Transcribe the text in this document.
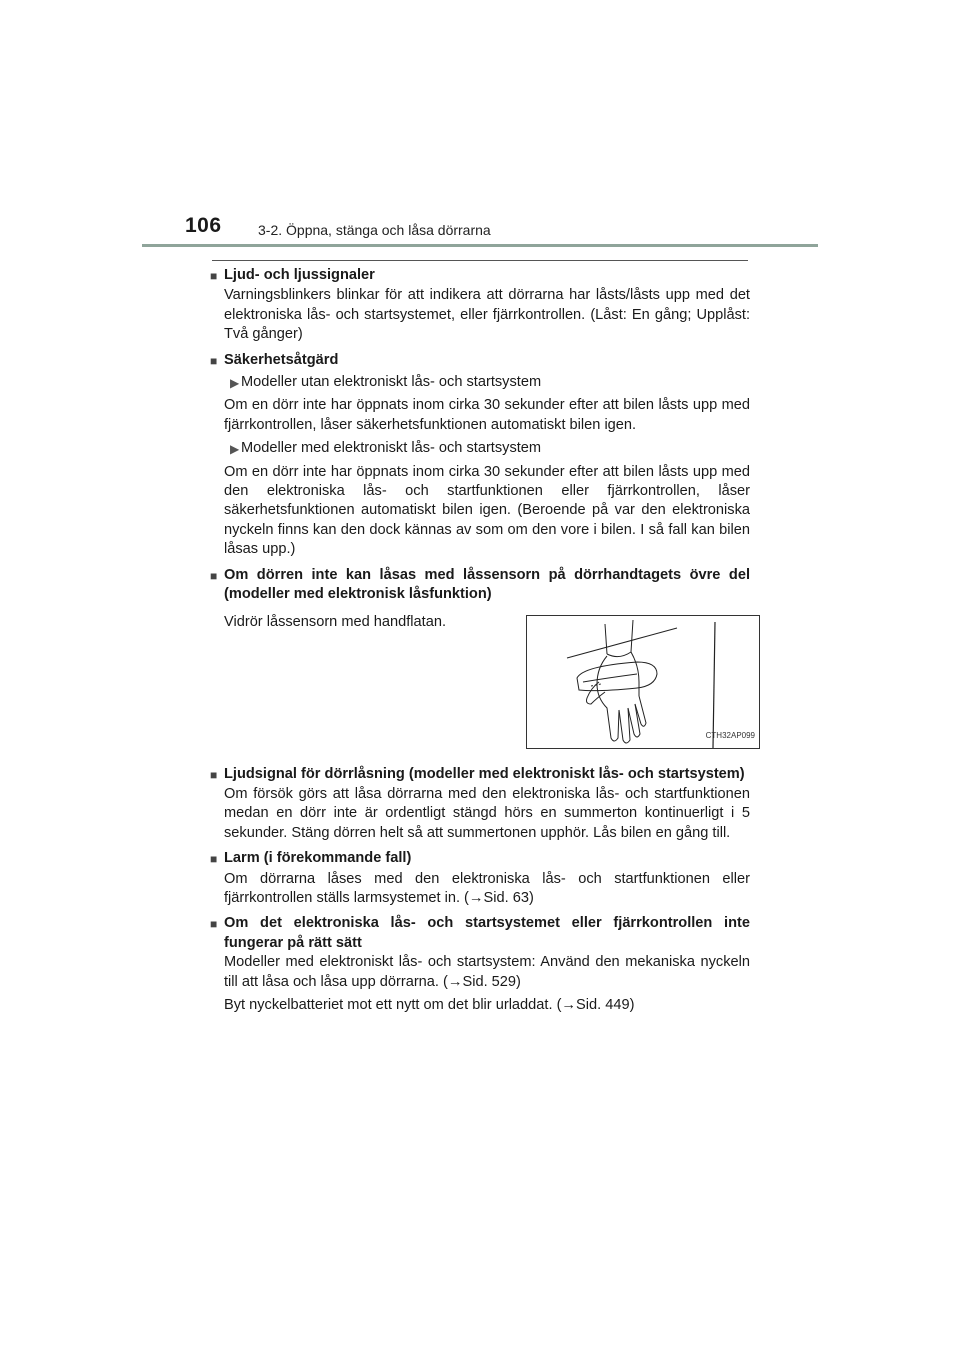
106	3-2. Öppna, stänga och låsa dörrarna
■ Ljud- och ljussignaler

Varningsblinkers blinkar för att indikera att dörrarna har låsts/låsts upp med det elektroniska lås- och startsystemet, eller fjärrkontrollen. (Låst: En gång; Upplåst: Två gånger)

■ Säkerhetsåtgärd
▶ Modeller utan elektroniskt lås- och startsystem

Om en dörr inte har öppnats inom cirka 30 sekunder efter att bilen låsts upp med fjärrkontrollen, låser säkerhetsfunktionen automatiskt bilen igen.

▶ Modeller med elektroniskt lås- och startsystem

Om en dörr inte har öppnats inom cirka 30 sekunder efter att bilen låsts upp med den elektroniska lås- och startfunktionen eller fjärrkontrollen, låser säkerhetsfunktionen automatiskt bilen igen. (Beroende på var den elektroniska nyckeln finns kan den dock kännas av som om den vore i bilen. I så fall kan bilen låsas upp.)

■ Om dörren inte kan låsas med låssensorn på dörrhandtagets övre del (modeller med elektronisk låsfunktion)
Vidrör låssensorn med handflatan.
CTH32AP099
■ Ljudsignal för dörrlåsning (modeller med elektroniskt lås- och startsystem)

Om försök görs att låsa dörrarna med den elektroniska lås- och startfunktionen medan en dörr inte är ordentligt stängd hörs en summerton kontinuerligt i 5 sekunder. Stäng dörren helt så att summertonen upphör. Lås bilen en gång till.

■ Larm (i förekommande fall)

Om dörrarna låses med den elektroniska lås- och startfunktionen eller fjärrkontrollen ställs larmsystemet in. (→Sid. 63)

■ Om det elektroniska lås- och startsystemet eller fjärrkontrollen inte fungerar på rätt sätt

Modeller med elektroniskt lås- och startsystem: Använd den mekaniska nyckeln till att låsa och låsa upp dörrarna. (→Sid. 529)

Byt nyckelbatteriet mot ett nytt om det blir urladdat. (→Sid. 449)
